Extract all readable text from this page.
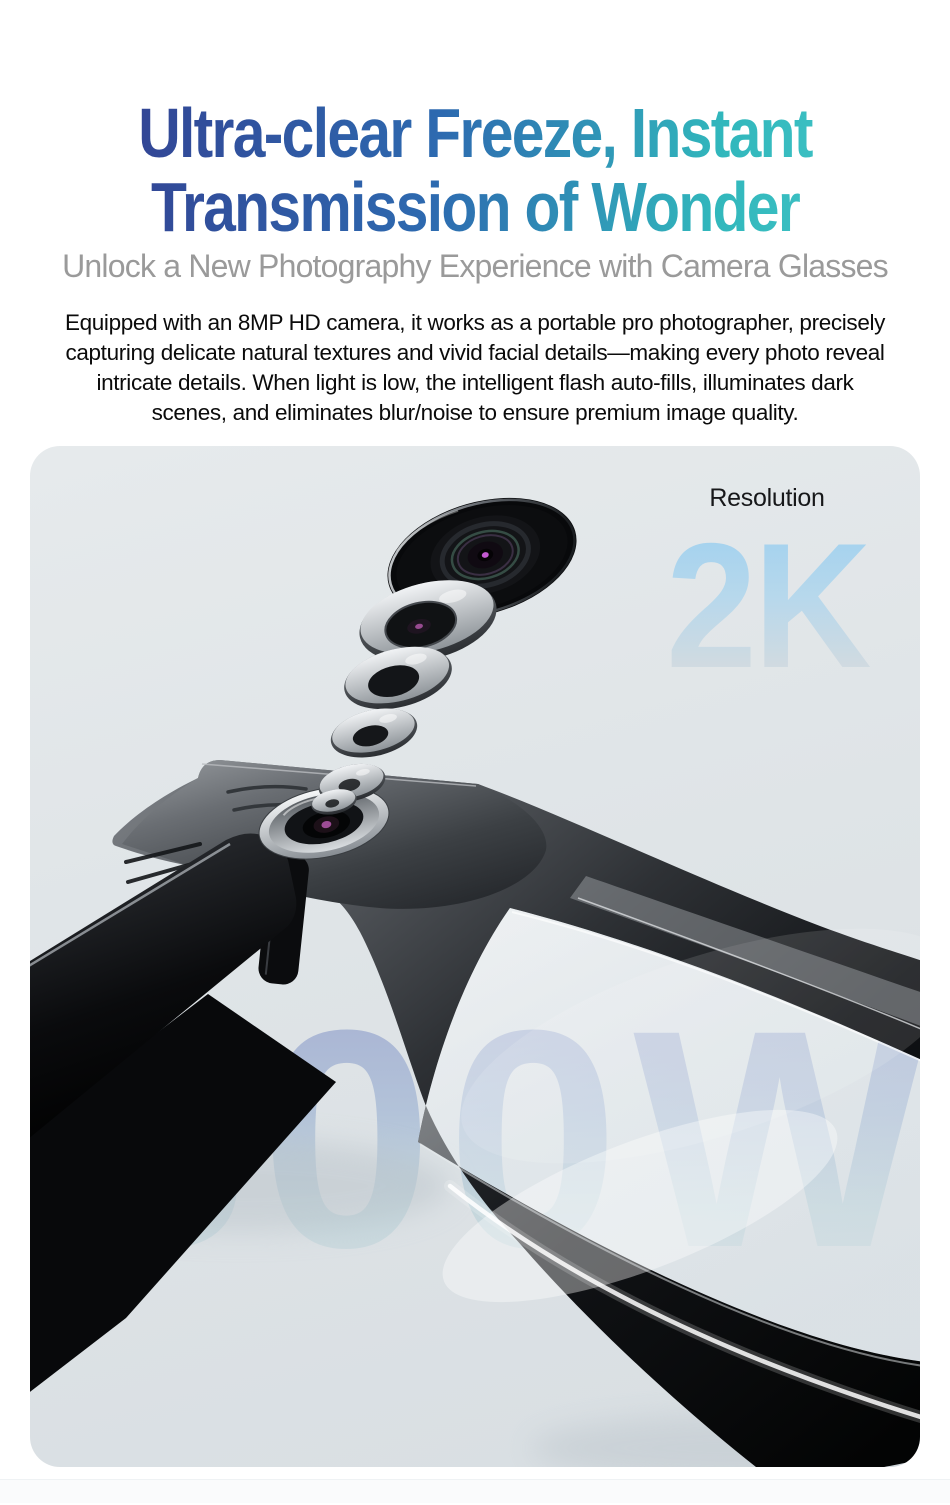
Ultra-clear Freeze, Instant
Transmission of Wonder
Unlock a New Photography Experience with Camera Glasses
Equipped with an 8MP HD camera, it works as a portable pro photographer, precisely
capturing delicate natural textures and vivid facial details—making every photo reveal
intricate details. When light is low, the intelligent flash auto-fills, illuminates dark
scenes, and eliminates blur/noise to ensure premium image quality.
Resolution
2K
